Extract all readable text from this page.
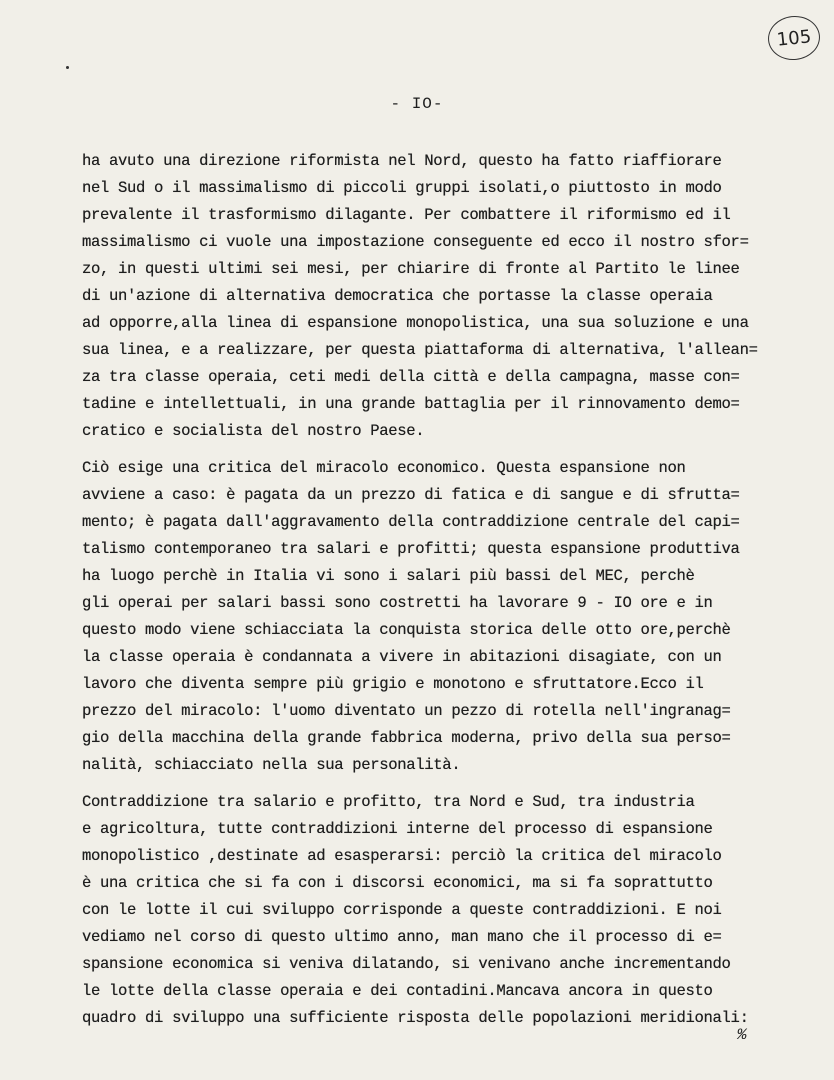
105
- IO-
ha avuto una direzione riformista nel Nord, questo ha fatto riaffiorare
nel Sud o il massimalismo di piccoli gruppi isolati,o piuttosto in modo
prevalente il trasformismo dilagante. Per combattere il riformismo ed il
massimalismo ci vuole una impostazione conseguente ed ecco il nostro sfor=
zo, in questi ultimi sei mesi, per chiarire di fronte al Partito le linee
di un'azione di alternativa democratica che portasse la classe operaia
ad opporre,alla linea di espansione monopolistica, una sua soluzione e una
sua linea, e a realizzare, per questa piattaforma di alternativa, l'allean=
za tra classe operaia, ceti medi della città e della campagna, masse con=
tadine e intellettuali, in una grande battaglia per il rinnovamento demo=
cratico e socialista del nostro Paese.
Ciò esige una critica del miracolo economico. Questa espansione non
avviene a caso: è pagata da un prezzo di fatica e di sangue e di sfrutta=
mento; è pagata dall'aggravamento della contraddizione centrale del capi=
talismo contemporaneo tra salari e profitti; questa espansione produttiva
ha luogo perchè in Italia vi sono i salari più bassi del MEC, perchè
gli operai per salari bassi sono costretti ha lavorare 9 - IO ore e in
questo modo viene schiacciata la conquista storica delle otto ore,perchè
la classe operaia è condannata a vivere in abitazioni disagiate, con un
lavoro che diventa sempre più grigio e monotono e sfruttatore.Ecco il
prezzo del miracolo: l'uomo diventato un pezzo di rotella nell'ingranag=
gio della macchina della grande fabbrica moderna, privo della sua perso=
nalità, schiacciato nella sua personalità.
Contraddizione tra salario e profitto, tra Nord e Sud, tra industria
e agricoltura, tutte contraddizioni interne del processo di espansione
monopolistico ,destinate ad esasperarsi: perciò la critica del miracolo
è una critica che si fa con i discorsi economici, ma si fa soprattutto
con le lotte il cui sviluppo corrisponde a queste contraddizioni. E noi
vediamo nel corso di questo ultimo anno, man mano che il processo di e=
spansione economica si veniva dilatando, si venivano anche incrementando
le lotte della classe operaia e dei contadini.Mancava ancora in questo
quadro di sviluppo una sufficiente risposta delle popolazioni meridionali:
%
